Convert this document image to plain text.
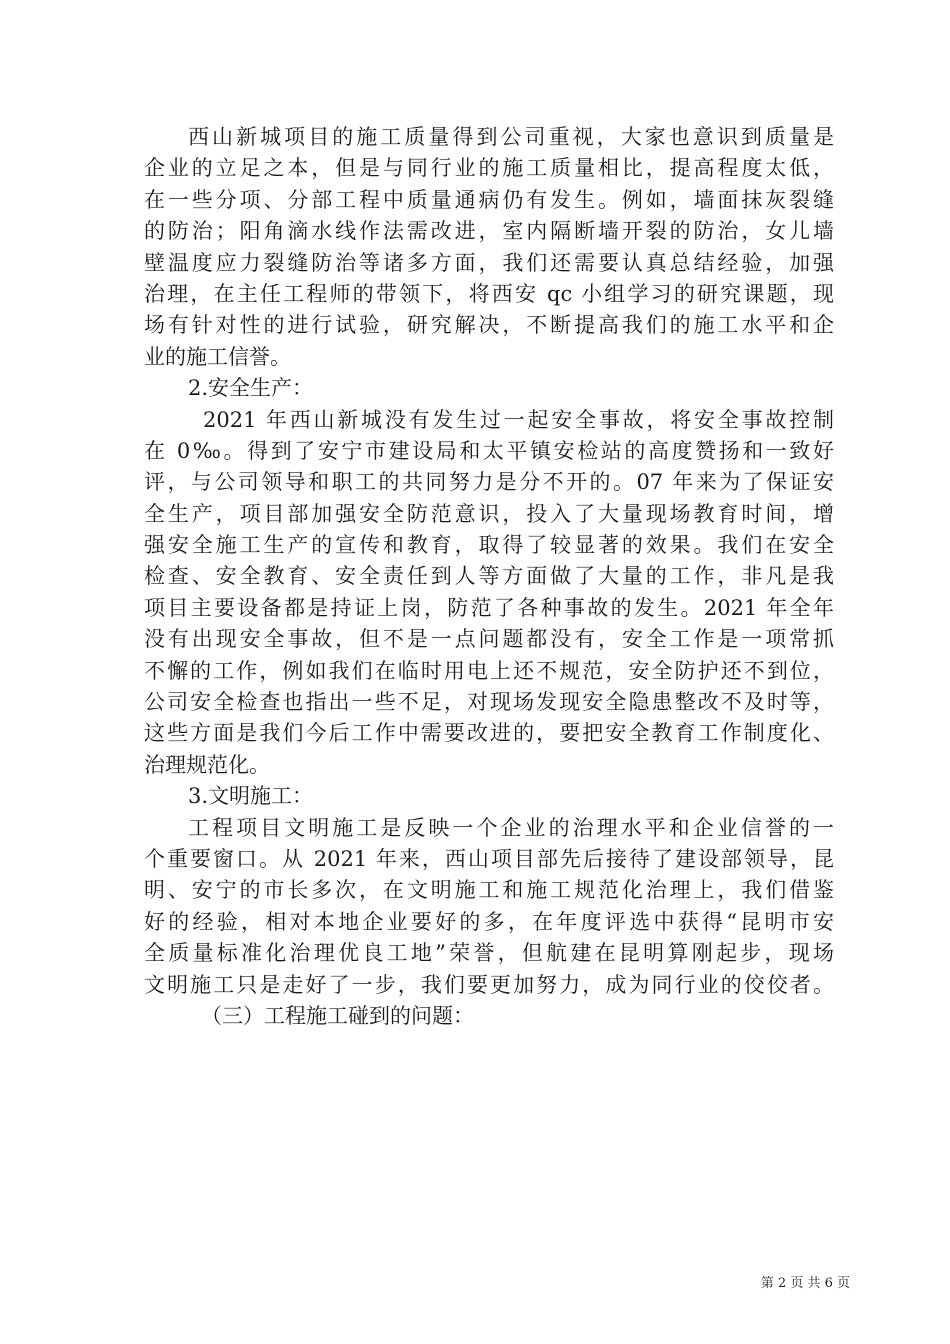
西山新城项目的施工质量得到公司重视，大家也意识到质量是
企业的立足之本，但是与同行业的施工质量相比，提高程度太低，
在一些分项、分部工程中质量通病仍有发生。例如，墙面抹灰裂缝
的防治；阳角滴水线作法需改进，室内隔断墙开裂的防治，女儿墙
壁温度应力裂缝防治等诸多方面，我们还需要认真总结经验，加强
治理，在主任工程师的带领下，将西安 qc 小组学习的研究课题，现
场有针对性的进行试验，研究解决，不断提高我们的施工水平和企
业的施工信誉。
2.安全生产：
2021 年西山新城没有发生过一起安全事故，将安全事故控制
在 0‰。得到了安宁市建设局和太平镇安检站的高度赞扬和一致好
评，与公司领导和职工的共同努力是分不开的。07 年来为了保证安
全生产，项目部加强安全防范意识，投入了大量现场教育时间，增
强安全施工生产的宣传和教育，取得了较显著的效果。我们在安全
检查、安全教育、安全责任到人等方面做了大量的工作，非凡是我
项目主要设备都是持证上岗，防范了各种事故的发生。2021 年全年
没有出现安全事故，但不是一点问题都没有，安全工作是一项常抓
不懈的工作，例如我们在临时用电上还不规范，安全防护还不到位，
公司安全检查也指出一些不足，对现场发现安全隐患整改不及时等，
这些方面是我们今后工作中需要改进的，要把安全教育工作制度化、
治理规范化。
3.文明施工：
工程项目文明施工是反映一个企业的治理水平和企业信誉的一
个重要窗口。从 2021 年来，西山项目部先后接待了建设部领导，昆
明、安宁的市长多次，在文明施工和施工规范化治理上，我们借鉴
好的经验，相对本地企业要好的多，在年度评选中获得“昆明市安
全质量标准化治理优良工地”荣誉，但航建在昆明算刚起步，现场
文明施工只是走好了一步，我们要更加努力，成为同行业的佼佼者。
（三）工程施工碰到的问题：
第 2 页 共 6 页
